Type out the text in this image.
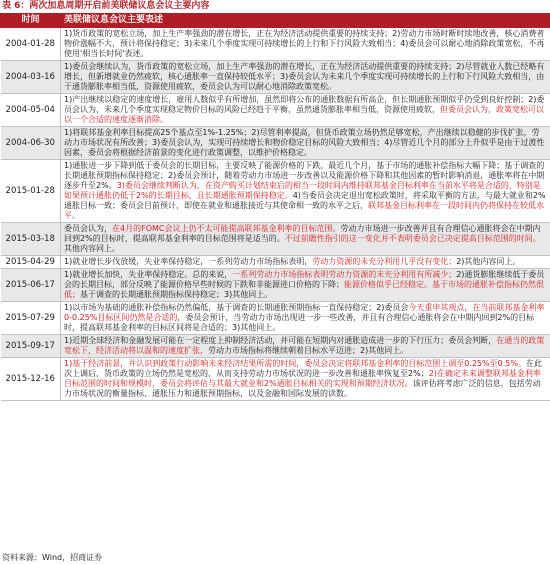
表 6：两次加息周期开启前美联储议息会议主要内容
时间	美联储议息会议主要表述
2004-01-28	1)货币政策的宽松立场，加上生产率强劲的潜在增长，正在为经济活动提供重要的持续支持；2)劳动力市场时断时续地改善，核心消费者物价涨幅不大，预计将保持稳定；3)未来几个季度实现可持续增长的上行和下行风险大致相当；4)委员会可以耐心地消除政策宽松，不再使用'相当长时间'表述。
2004-03-16	1)委员会继续认为，货币政策的宽松立场，加上生产率强劲的潜在增长，正在为经济活动提供重要的持续支持；2)尽管就业人数已经略有增长，但新增就业仍然疲软，核心通胀率一直保持较低水平；3)委员会认为未来几个季度实现可持续增长的上行和下行风险大致相当，由于通货膨胀率相当低，资源使用疲软，委员会认为可以耐心地消除政策宽松。
2004-05-04	1)产出继续以稳定的速度增长，雇用人数似乎有所增加，虽然即将公布的通胀数据有所高企，但长期通胀预期似乎仍受到良好控制；2)委员会认为，未来几个季度实现稳定物价目标的风险已经趋于平衡，虽然通货膨胀率相当低，资源使用疲软，但委员会认为，政策宽松可以以一个合适的速度逐渐消除。
2004-06-30	1)将联邦基金利率目标提高25个基点至1%-1.25%；2)尽管利率提高，但货币政策立场仍然足够宽松，产出继续以稳健的步伐扩张，劳动力市场状况有所改善；3)委员会认为，实现可持续增长和物价稳定目标的风险大致相当；4)尽管近几个月的部分上升似乎是由于过渡性因素，委员会将根据经济前景的变化进行政策调整，以维护价格稳定。
2015-01-28	1)通胀进一步下降到低于委员会的长期目标，主要反映了能源价格的下跌。最近几个月，基于市场的通胀补偿指标大幅下降；基于调查的长期通胀预期指标保持稳定；2)委员会预计，随着劳动力市场进一步改善以及能源价格下降和其他因素的暂时影响消退，通胀率将在中期逐步升至2%。3)委员会继续判断认为，在资产购买计划结束后的相当一段时间内维持联邦基金目标利率在当前水平将是合适的，特别是如果预计通胀仍低于2%的长期目标，且长期通胀预期保持稳定。4)当委员会决定退出宽松政策时，将采取平衡的方法，与最大就业和2%通胀目标一致；委员会目前预计，即使在就业和通胀接近与其使命相一致的水平之后，联邦基金目标利率在一段时间内仍将保持在较低水平。
2015-03-18	委员会认为，在4月的FOMC会议上仍不太可能提高联邦基金利率的目标范围。劳动力市场进一步改善并且有合理信心通胀将会在中期内回到2%的目标时，提高联邦基金利率的目标范围将是适当的。不过前瞻性指引的这一变化并不表明委员会已决定提高目标范围的时间。其他内容同上。
2015-04-29	1)就业增长步伐放缓，失业率保持稳定，一系列劳动力市场指标表明，劳动力资源的未充分利用几乎没有变化；2)其他内容同上。
2015-06-17	1)就业增长加快，失业率保持稳定。总的来说，一系列劳动力市场指标表明劳动力资源的未充分利用有所减少；2)通货膨胀继续低于委员会的长期目标，部分反映了能源价格早些时候的下跌和非能源进口价格的下降；能源价格似乎已经稳定。基于市场的通胀补偿指标仍然很低；基于调查的长期通胀预期指标保持稳定；3)其他同上。
2015-07-29	1)以市场为基础的通胀补偿指标仍然偏低，基于调查的长期通胀预期指标一直保持稳定；2)委员会今天重申其观点，在当前联邦基金利率0-0.25%目标区间仍然是合适的，委员会预计，当劳动力市场出现进一步一些改善，并且有合理信心通胀将会在中期内回到2%的目标时，提高联邦基金利率的目标区间将是合适的；3)其他同上。
2015-09-17	1)近期全球经济和金融发展可能在一定程度上抑制经济活动，并可能在短期内对通胀造成进一步的下行压力；委员会判断，在通当的政策宽松下，经济活动将以温和的速度扩张，劳动力市场指标将继续朝着目标水平迈进；2)其他同上。
2015-12-16	1)基于经济前景，并认识到政策行动影响未来经济结果所需的时间，委员会决定将联邦基金利率的目标范围上调至0.25%至0.5%。在此次上调后，货币政策的立场仍然是宽松的，从而支持劳动力市场状况的进一步改善和通胀率恢复至2%；2)在确定未来调整联邦基金利率目标范围的时间和规模时，委员会将评估与其最大就业和2%通胀目标相关的实现和预期经济状况。该评估将考虑广泛的信息，包括劳动力市场状况的衡量指标、通胀压力和通胀预期指标，以及金融和国际发展的读数。
资料来源：Wind，招商证券
